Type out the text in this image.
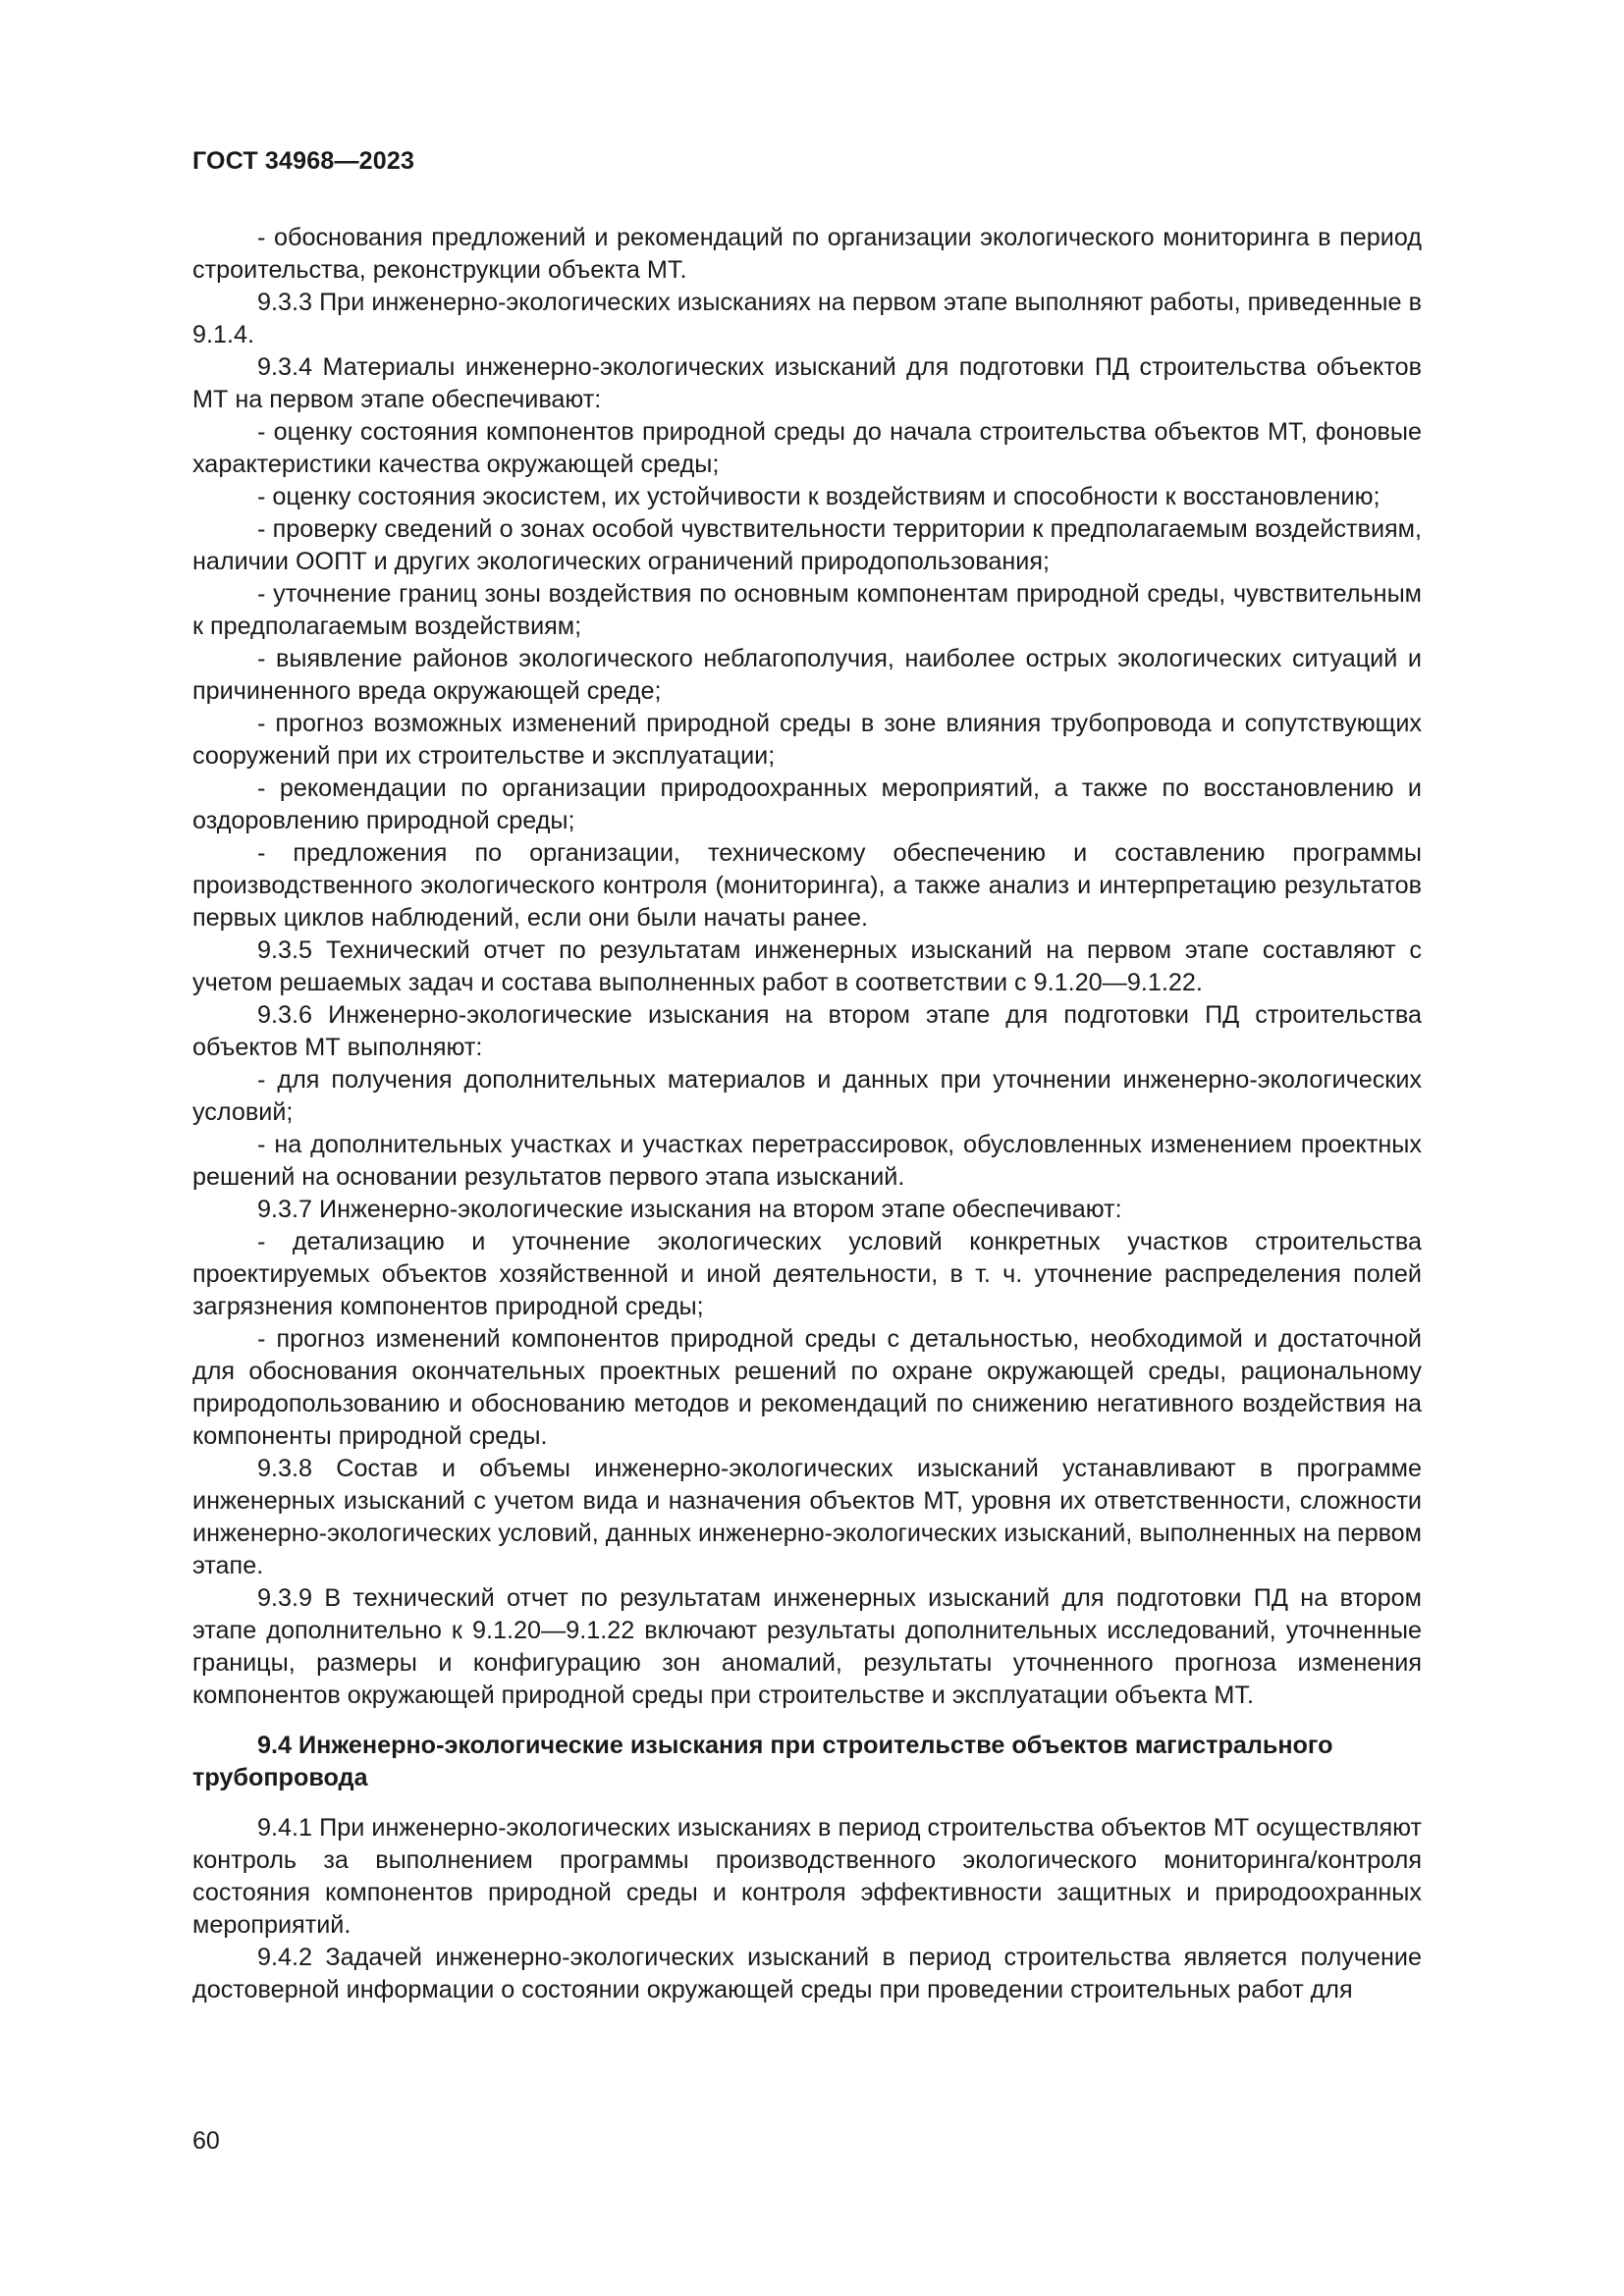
ГОСТ 34968—2023

- обоснования предложений и рекомендаций по организации экологического мониторинга в период строительства, реконструкции объекта МТ.

9.3.3 При инженерно-экологических изысканиях на первом этапе выполняют работы, приведенные в 9.1.4.

9.3.4 Материалы инженерно-экологических изысканий для подготовки ПД строительства объектов МТ на первом этапе обеспечивают:

- оценку состояния компонентов природной среды до начала строительства объектов МТ, фоновые характеристики качества окружающей среды;

- оценку состояния экосистем, их устойчивости к воздействиям и способности к восстановлению;

- проверку сведений о зонах особой чувствительности территории к предполагаемым воздействиям, наличии ООПТ и других экологических ограничений природопользования;

- уточнение границ зоны воздействия по основным компонентам природной среды, чувствительным к предполагаемым воздействиям;

- выявление районов экологического неблагополучия, наиболее острых экологических ситуаций и причиненного вреда окружающей среде;

- прогноз возможных изменений природной среды в зоне влияния трубопровода и сопутствующих сооружений при их строительстве и эксплуатации;

- рекомендации по организации природоохранных мероприятий, а также по восстановлению и оздоровлению природной среды;

- предложения по организации, техническому обеспечению и составлению программы производственного экологического контроля (мониторинга), а также анализ и интерпретацию результатов первых циклов наблюдений, если они были начаты ранее.

9.3.5 Технический отчет по результатам инженерных изысканий на первом этапе составляют с учетом решаемых задач и состава выполненных работ в соответствии с 9.1.20—9.1.22.

9.3.6 Инженерно-экологические изыскания на втором этапе для подготовки ПД строительства объектов МТ выполняют:

- для получения дополнительных материалов и данных при уточнении инженерно-экологических условий;

- на дополнительных участках и участках перетрассировок, обусловленных изменением проектных решений на основании результатов первого этапа изысканий.

9.3.7 Инженерно-экологические изыскания на втором этапе обеспечивают:

- детализацию и уточнение экологических условий конкретных участков строительства проектируемых объектов хозяйственной и иной деятельности, в т. ч. уточнение распределения полей загрязнения компонентов природной среды;

- прогноз изменений компонентов природной среды с детальностью, необходимой и достаточной для обоснования окончательных проектных решений по охране окружающей среды, рациональному природопользованию и обоснованию методов и рекомендаций по снижению негативного воздействия на компоненты природной среды.

9.3.8 Состав и объемы инженерно-экологических изысканий устанавливают в программе инженерных изысканий с учетом вида и назначения объектов МТ, уровня их ответственности, сложности инженерно-экологических условий, данных инженерно-экологических изысканий, выполненных на первом этапе.

9.3.9 В технический отчет по результатам инженерных изысканий для подготовки ПД на втором этапе дополнительно к 9.1.20—9.1.22 включают результаты дополнительных исследований, уточненные границы, размеры и конфигурацию зон аномалий, результаты уточненного прогноза изменения компонентов окружающей природной среды при строительстве и эксплуатации объекта МТ.

9.4 Инженерно-экологические изыскания при строительстве объектов магистрального трубопровода

9.4.1 При инженерно-экологических изысканиях в период строительства объектов МТ осуществляют контроль за выполнением программы производственного экологического мониторинга/контроля состояния компонентов природной среды и контроля эффективности защитных и природоохранных мероприятий.

9.4.2 Задачей инженерно-экологических изысканий в период строительства является получение достоверной информации о состоянии окружающей среды при проведении строительных работ для

60
